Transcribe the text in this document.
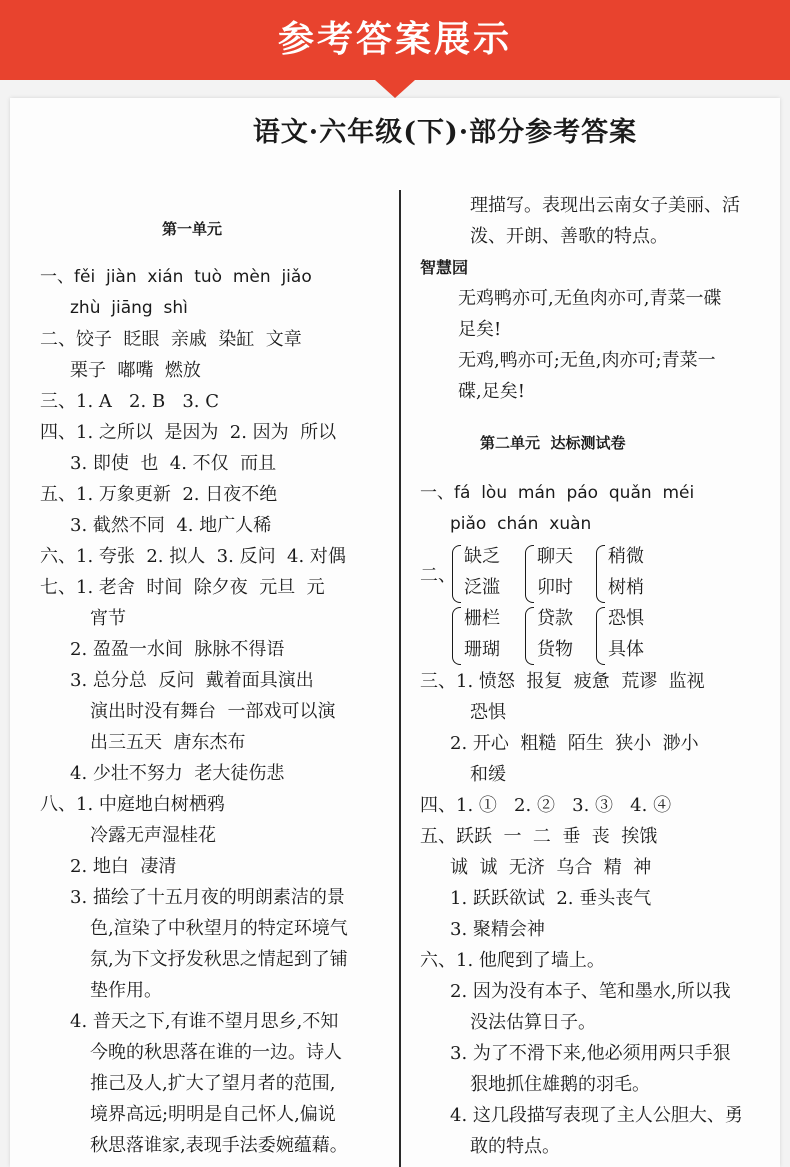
参考答案展示
语文·六年级(下)·部分参考答案
第一单元
一、fěi  jiàn  xián  tuò  mèn  jiǎo
zhù  jiāng  shì
二、饺子  眨眼  亲戚  染缸  文章
栗子  嘟嘴  燃放
三、1. A   2. B   3. C
四、1. 之所以  是因为  2. 因为  所以
3. 即使  也  4. 不仅  而且
五、1. 万象更新  2. 日夜不绝
3. 截然不同  4. 地广人稀
六、1. 夸张  2. 拟人  3. 反问  4. 对偶
七、1. 老舍  时间  除夕夜  元旦  元
宵节
2. 盈盈一水间  脉脉不得语
3. 总分总  反问  戴着面具演出
演出时没有舞台  一部戏可以演
出三五天  唐东杰布
4. 少壮不努力  老大徒伤悲
八、1. 中庭地白树栖鸦
冷露无声湿桂花
2. 地白  凄清
3. 描绘了十五月夜的明朗素洁的景
色,渲染了中秋望月的特定环境气
氛,为下文抒发秋思之情起到了铺
垫作用。
4. 普天之下,有谁不望月思乡,不知
今晚的秋思落在谁的一边。诗人
推己及人,扩大了望月者的范围,
境界高远;明明是自己怀人,偏说
秋思落谁家,表现手法委婉蕴藉。
理描写。表现出云南女子美丽、活
泼、开朗、善歌的特点。
智慧园
无鸡鸭亦可,无鱼肉亦可,青菜一碟
足矣!
无鸡,鸭亦可;无鱼,肉亦可;青菜一
碟,足矣!
第二单元  达标测试卷
一、fá  lòu  mán  páo  quǎn  méi
piǎo  chán  xuàn
二、
缺乏
泛滥
聊天
卯时
稍微
树梢
栅栏
珊瑚
贷款
货物
恐惧
具体
三、1. 愤怒  报复  疲惫  荒谬  监视
恐惧
2. 开心  粗糙  陌生  狭小  渺小
和缓
四、1. ①   2. ②   3. ③   4. ④
五、跃跃  一  二  垂  丧  挨饿
诚  诚  无济  乌合  精  神
1. 跃跃欲试  2. 垂头丧气
3. 聚精会神
六、1. 他爬到了墙上。
2. 因为没有本子、笔和墨水,所以我
没法估算日子。
3. 为了不滑下来,他必须用两只手狠
狠地抓住雄鹅的羽毛。
4. 这几段描写表现了主人公胆大、勇
敢的特点。
